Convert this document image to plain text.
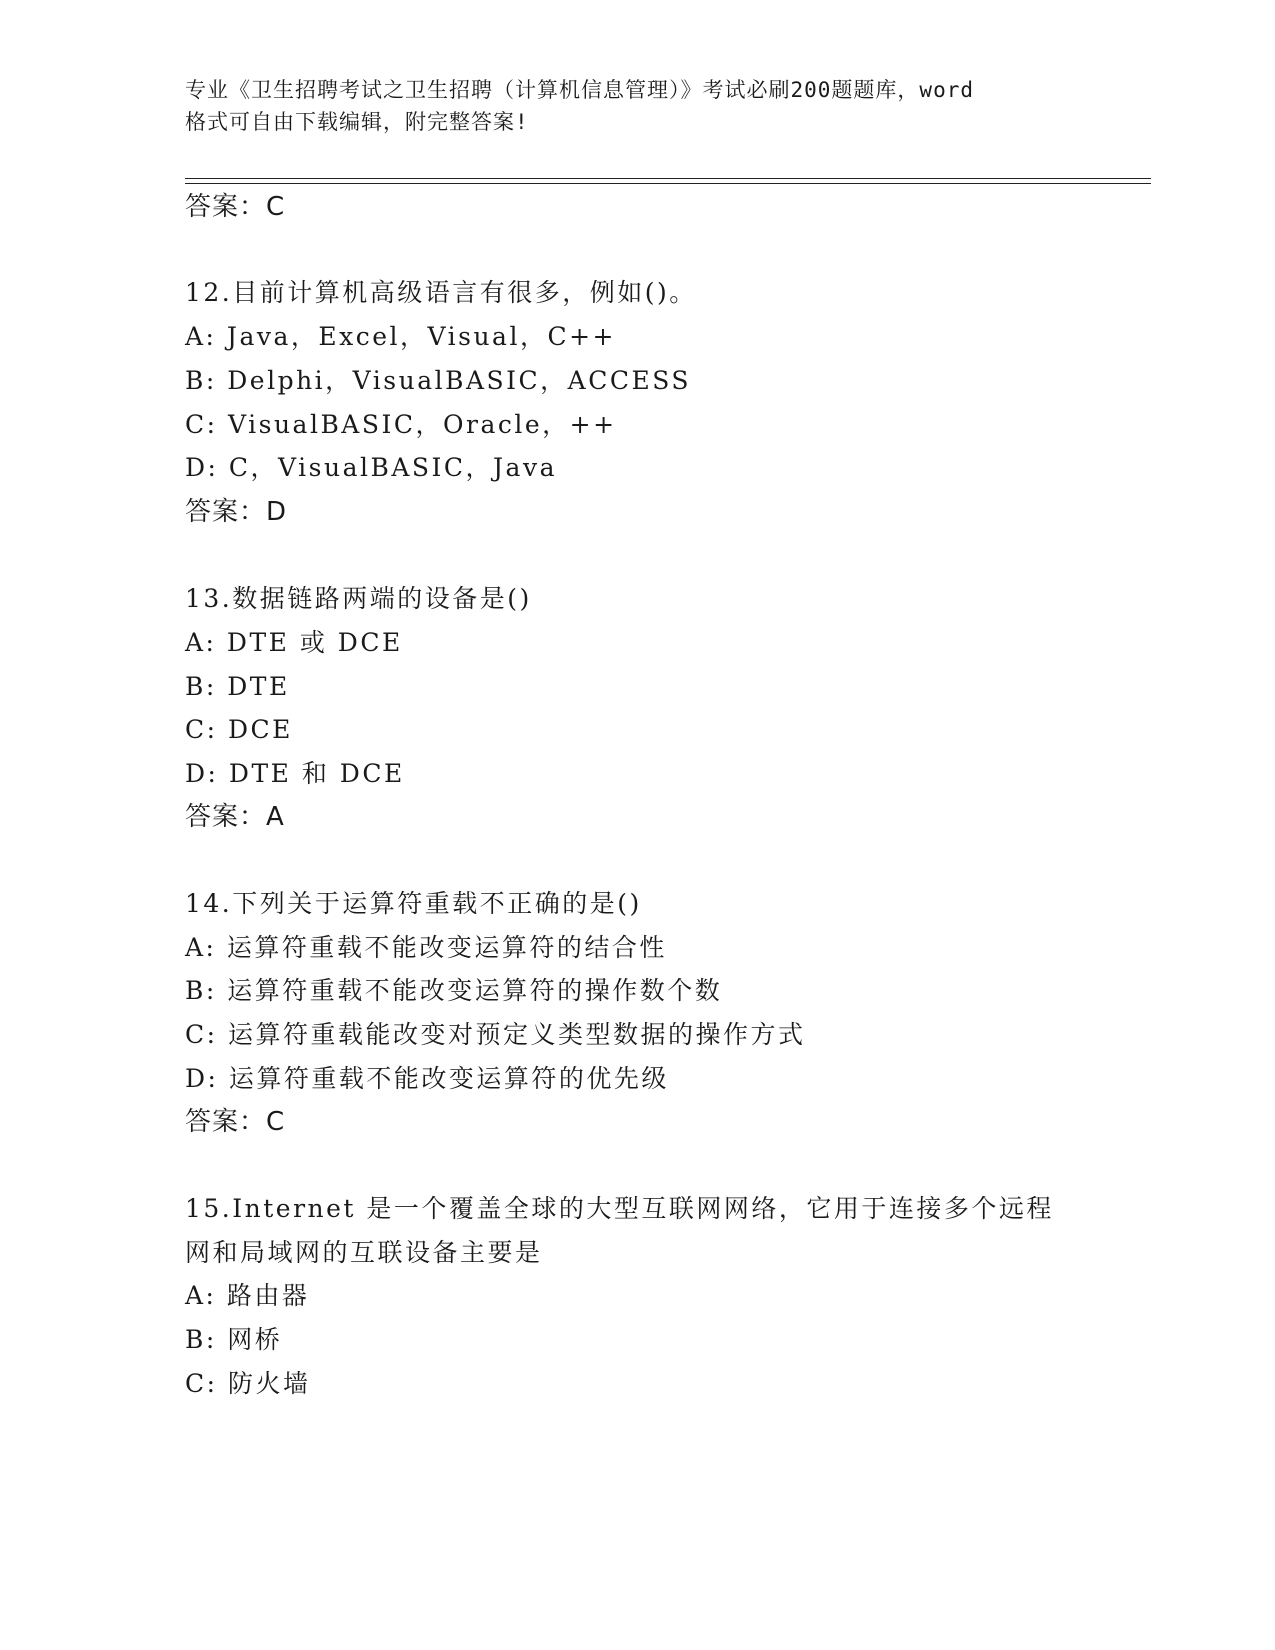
专业《卫生招聘考试之卫生招聘（计算机信息管理）》考试必刷200题题库，word
格式可自由下载编辑，附完整答案!
答案：C
12.目前计算机高级语言有很多，例如()。
A: Java，Excel，Visual，C++
B: Delphi，VisualBASIC，ACCESS
C: VisualBASIC，Oracle，++
D: C，VisualBASIC，Java
答案：D
13.数据链路两端的设备是()
A: DTE 或 DCE
B: DTE
C: DCE
D: DTE 和 DCE
答案：A
14.下列关于运算符重载不正确的是()
A: 运算符重载不能改变运算符的结合性
B: 运算符重载不能改变运算符的操作数个数
C: 运算符重载能改变对预定义类型数据的操作方式
D: 运算符重载不能改变运算符的优先级
答案：C
15.Internet 是一个覆盖全球的大型互联网网络，它用于连接多个远程
网和局域网的互联设备主要是
A: 路由器
B: 网桥
C: 防火墙
